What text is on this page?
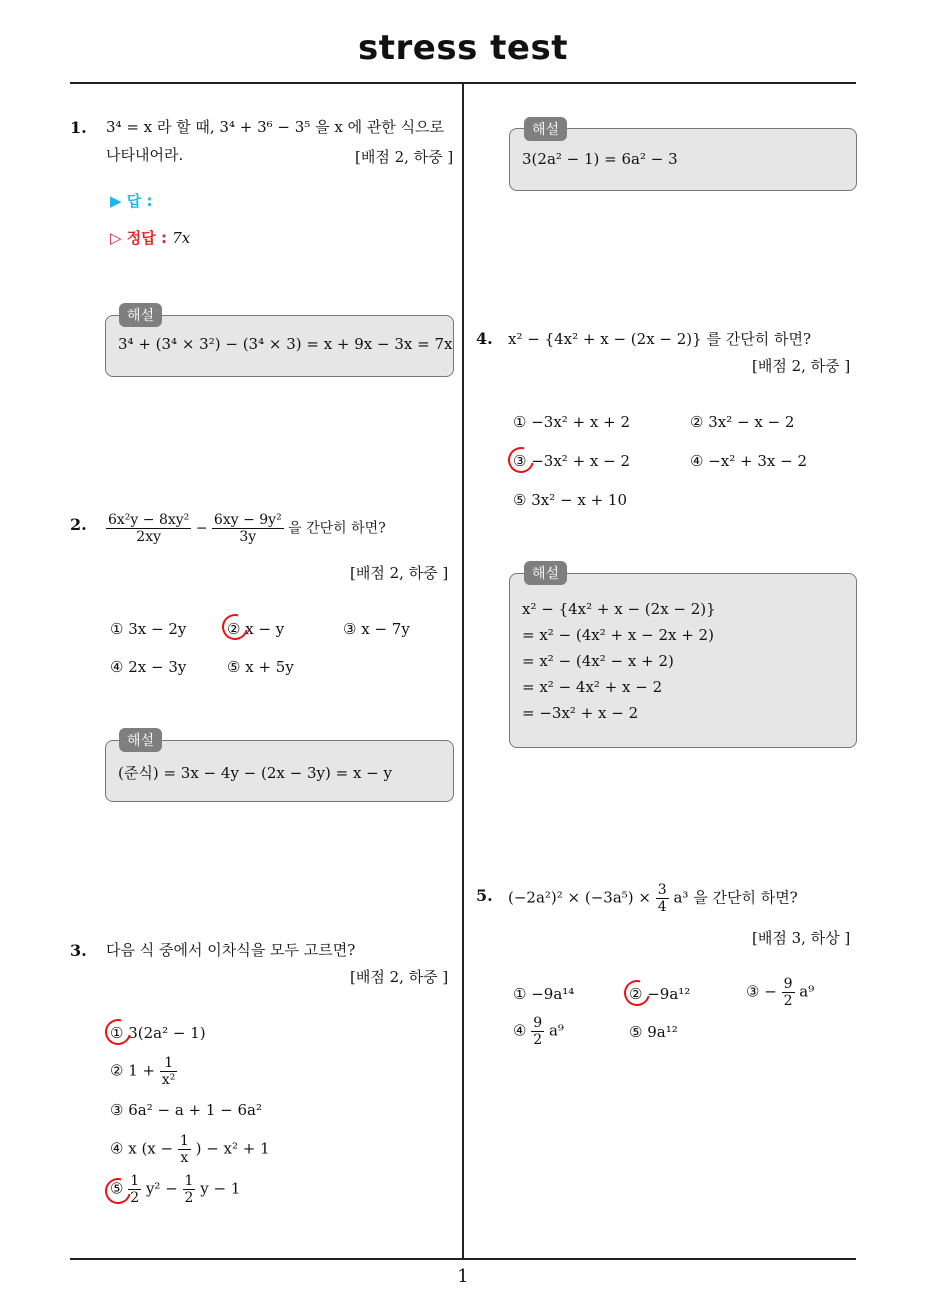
stress test
1. 3⁴ = x 라 할 때, 3⁴ + 3⁶ − 3⁵ 을 x 에 관한 식으로
나타내어라.	[배점 2, 하중 ]
▶ 답 :
▷ 정답 : 7x
해설
3⁴ + (3⁴ × 3²) − (3⁴ × 3) = x + 9x − 3x = 7x
2. $\frac{\text{6x²y − 8xy²}}{2xy} - \frac{\text{6xy − 9y²}}{3y}$ 을 간단히 하면?
[배점 2, 하중 ]
① 3x − 2y	② x − y	③ x − 7y
④ 2x − 3y	⑤ x + 5y
해설
(준식) = 3x − 4y − (2x − 3y) = x − y
3. 다음 식 중에서 이차식을 모두 고르면?
[배점 2, 하중 ]
① 3(2a² − 1)
② $1 + \frac{1}{\text{x²}}$
③ 6a² − a + 1 − 6a²
④ x ($x - \frac{1}{x}$ ) − x² + 1
⑤ $\frac{1}{2} y^2 - \frac{1}{2}$ y − 1
해설
3(2a² − 1) = 6a² − 3
4. x² − {4x² + x − (2x − 2)} 를 간단히 하면?
[배점 2, 하중 ]
① −3x² + x + 2	② 3x² − x − 2
③ −3x² + x − 2	④ −x² + 3x − 2
⑤ 3x² − x + 10
해설
x² − {4x² + x − (2x − 2)}
= x² − (4x² + x − 2x + 2)
= x² − (4x² − x + 2)
= x² − 4x² + x − 2
= −3x² + x − 2
5. $(-2a^2)^2 \times (-3a^5) \times \frac{3}{4} a^3$ 을 간단히 하면?
[배점 3, 하상 ]
① −9a¹⁴	② −9a¹²	③ − $\frac{9}{2} a^9$
④ $\frac{9}{2} a^9$	⑤ 9a¹²
1
